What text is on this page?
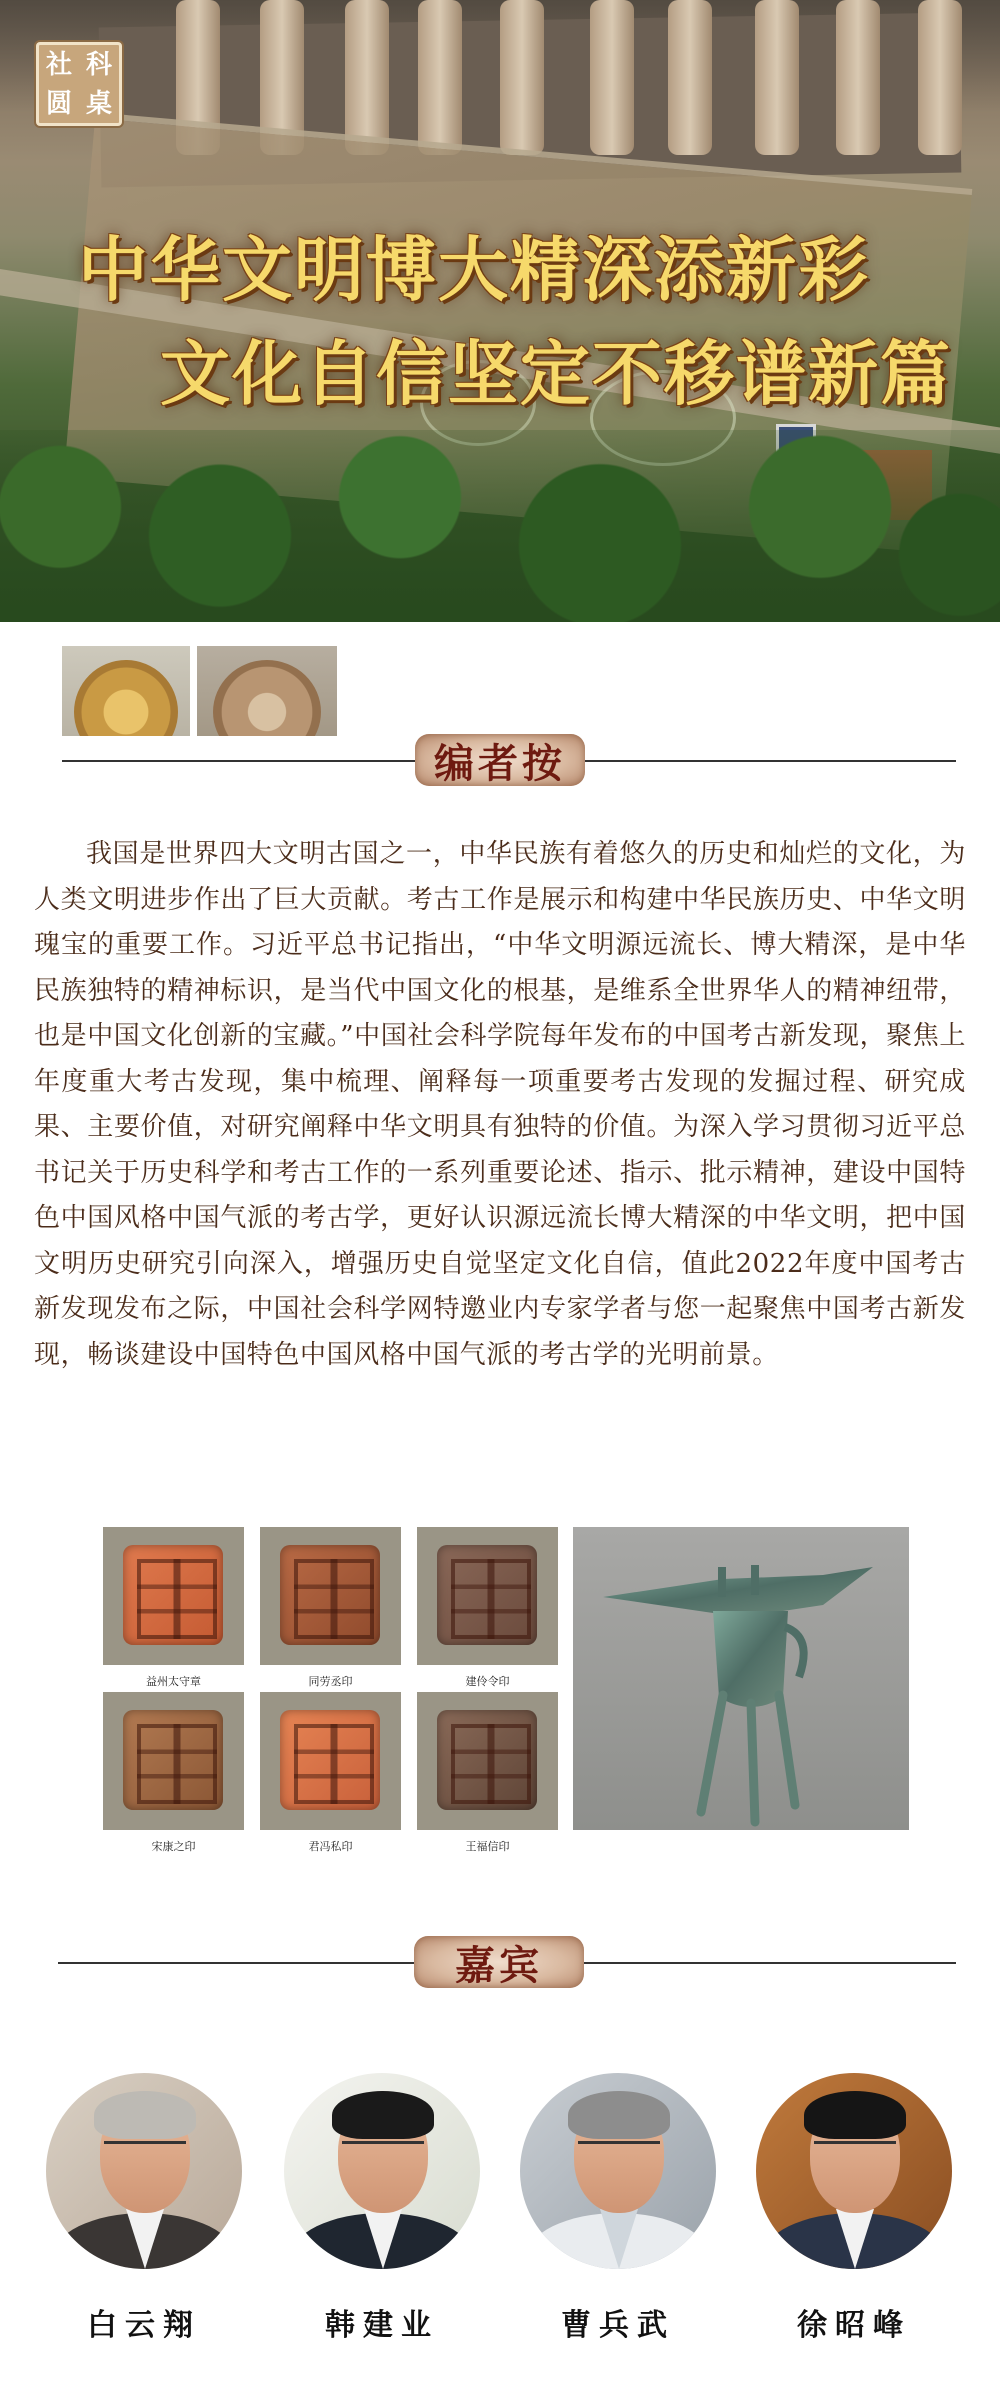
社 科
圆 桌
中华文明博大精深添新彩
文化自信坚定不移谱新篇
编者按

我国是世界四大文明古国之一，中华民族有着悠久的历史和灿烂的文化，为人类文明进步作出了巨大贡献。考古工作是展示和构建中华民族历史、中华文明瑰宝的重要工作。习近平总书记指出，“中华文明源远流长、博大精深，是中华民族独特的精神标识，是当代中国文化的根基，是维系全世界华人的精神纽带，也是中国文化创新的宝藏。”中国社会科学院每年发布的中国考古新发现，聚焦上年度重大考古发现，集中梳理、阐释每一项重要考古发现的发掘过程、研究成果、主要价值，对研究阐释中华文明具有独特的价值。为深入学习贯彻习近平总书记关于历史科学和考古工作的一系列重要论述、指示、批示精神，建设中国特色中国风格中国气派的考古学，更好认识源远流长博大精深的中华文明，把中国文明历史研究引向深入，增强历史自觉坚定文化自信，值此2022年度中国考古新发现发布之际，中国社会科学网特邀业内专家学者与您一起聚焦中国考古新发现，畅谈建设中国特色中国风格中国气派的考古学的光明前景。

益州太守章	同劳丞印	建伶令印
宋康之印	君冯私印	王福信印
嘉宾
白云翔	韩建业	曹兵武	徐昭峰
